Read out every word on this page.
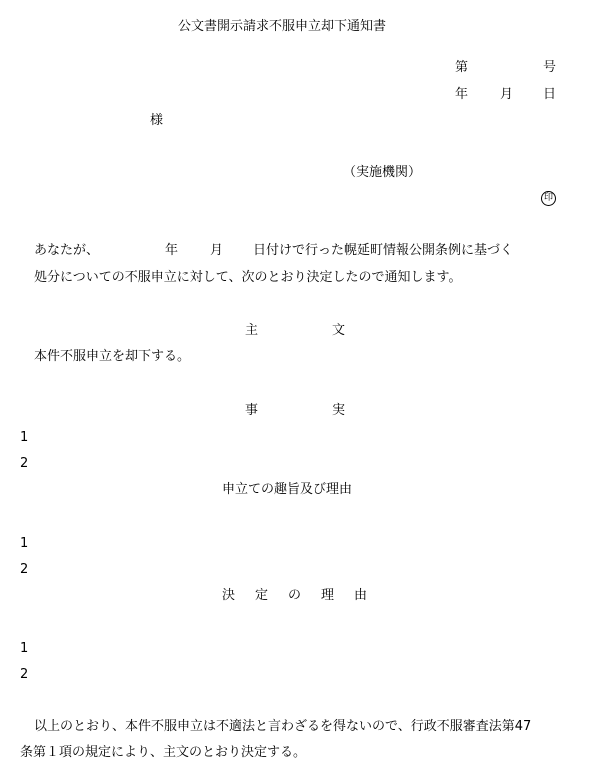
公文書開示請求不服申立却下通知書
第	号
年 月 日
様
（実施機関）
印
あなたが、	年 月 日付けで行った幌延町情報公開条例に基づく
処分についての不服申立に対して、次のとおり決定したので通知します。
主	文
本件不服申立を却下する。
事	実
1
2
申立ての趣旨及び理由
1
2
決 定 の 理 由
1
2
以上のとおり、本件不服申立は不適法と言わざるを得ないので、行政不服審査法第47
条第１項の規定により、主文のとおり決定する。
